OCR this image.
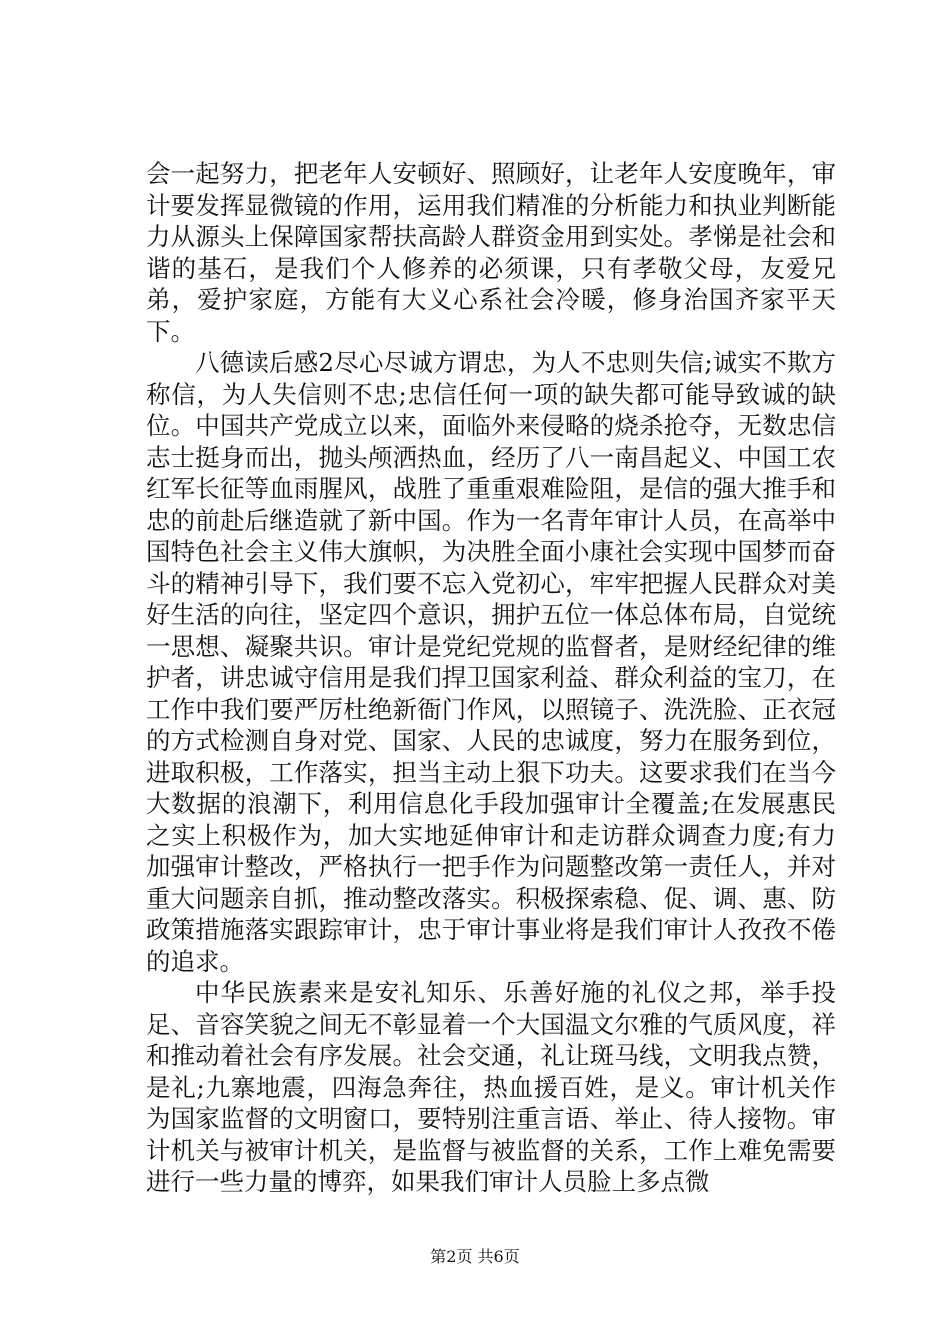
会一起努力，把老年人安顿好、照顾好，让老年人安度晚年，审计要发挥显微镜的作用，运用我们精准的分析能力和执业判断能力从源头上保障国家帮扶高龄人群资金用到实处。孝悌是社会和谐的基石，是我们个人修养的必须课，只有孝敬父母，友爱兄弟，爱护家庭，方能有大义心系社会冷暖，修身治国齐家平天下。

八德读后感2尽心尽诚方谓忠，为人不忠则失信;诚实不欺方称信，为人失信则不忠;忠信任何一项的缺失都可能导致诚的缺位。中国共产党成立以来，面临外来侵略的烧杀抢夺，无数忠信志士挺身而出，抛头颅洒热血，经历了八一南昌起义、中国工农红军长征等血雨腥风，战胜了重重艰难险阻，是信的强大推手和忠的前赴后继造就了新中国。作为一名青年审计人员，在高举中国特色社会主义伟大旗帜，为决胜全面小康社会实现中国梦而奋斗的精神引导下，我们要不忘入党初心，牢牢把握人民群众对美好生活的向往，坚定四个意识，拥护五位一体总体布局，自觉统一思想、凝聚共识。审计是党纪党规的监督者，是财经纪律的维护者，讲忠诚守信用是我们捍卫国家利益、群众利益的宝刀，在工作中我们要严厉杜绝新衙门作风，以照镜子、洗洗脸、正衣冠的方式检测自身对党、国家、人民的忠诚度，努力在服务到位，进取积极，工作落实，担当主动上狠下功夫。这要求我们在当今大数据的浪潮下，利用信息化手段加强审计全覆盖;在发展惠民之实上积极作为，加大实地延伸审计和走访群众调查力度;有力加强审计整改，严格执行一把手作为问题整改第一责任人，并对重大问题亲自抓，推动整改落实。积极探索稳、促、调、惠、防政策措施落实跟踪审计，忠于审计事业将是我们审计人孜孜不倦的追求。

中华民族素来是安礼知乐、乐善好施的礼仪之邦，举手投足、音容笑貌之间无不彰显着一个大国温文尔雅的气质风度，祥和推动着社会有序发展。社会交通，礼让斑马线，文明我点赞，是礼;九寨地震，四海急奔往，热血援百姓，是义。审计机关作为国家监督的文明窗口，要特别注重言语、举止、待人接物。审计机关与被审计机关，是监督与被监督的关系，工作上难免需要进行一些力量的博弈，如果我们审计人员脸上多点微

第2页 共6页
